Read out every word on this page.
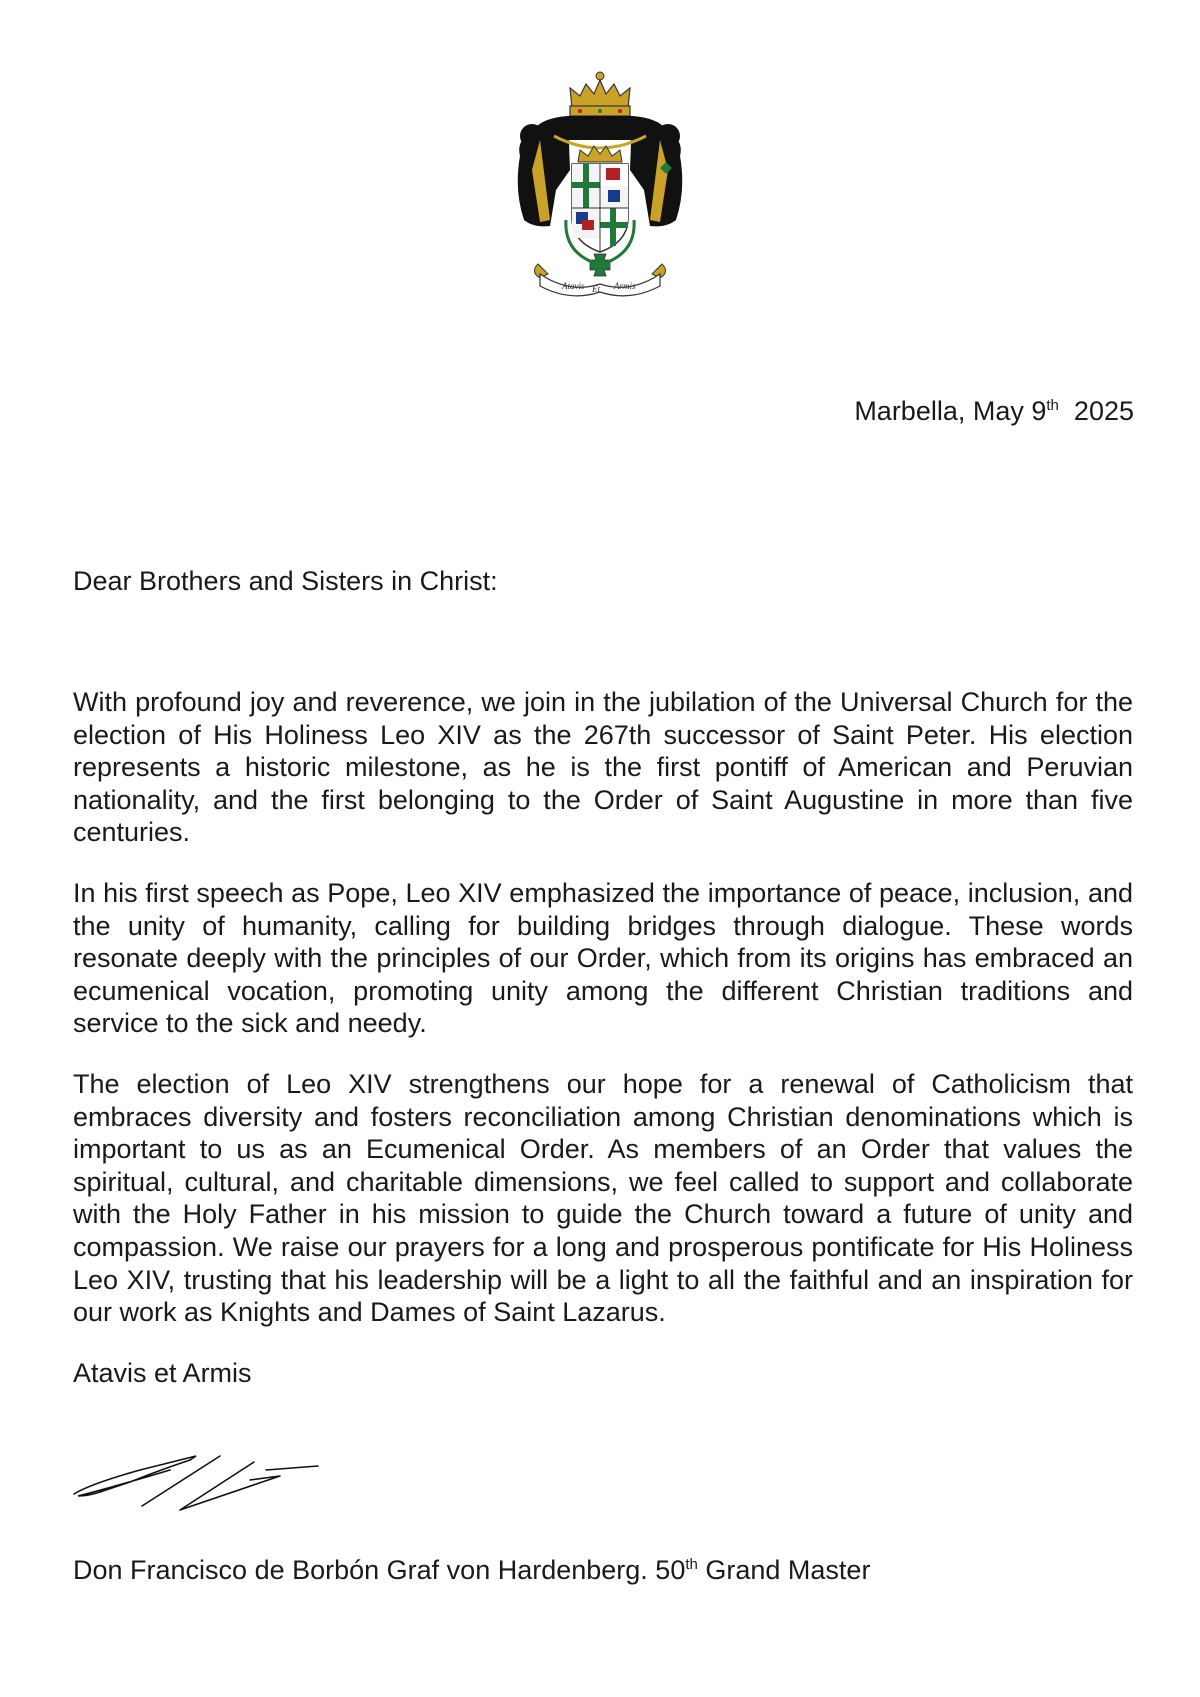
Atavis Et Armis
Marbella, May 9th 2025
Dear Brothers and Sisters in Christ:

With profound joy and reverence, we join in the jubilation of the Universal Church for the election of His Holiness Leo XIV as the 267th successor of Saint Peter. His election represents a historic milestone, as he is the first pontiff of American and Peruvian nationality, and the first belonging to the Order of Saint Augustine in more than five centuries.

In his first speech as Pope, Leo XIV emphasized the importance of peace, inclusion, and the unity of humanity, calling for building bridges through dialogue. These words resonate deeply with the principles of our Order, which from its origins has embraced an ecumenical vocation, promoting unity among the different Christian traditions and service to the sick and needy.

The election of Leo XIV strengthens our hope for a renewal of Catholicism that embraces diversity and fosters reconciliation among Christian denominations which is important to us as an Ecumenical Order. As members of an Order that values the spiritual, cultural, and charitable dimensions, we feel called to support and collaborate with the Holy Father in his mission to guide the Church toward a future of unity and compassion. We raise our prayers for a long and prosperous pontificate for His Holiness Leo XIV, trusting that his leadership will be a light to all the faithful and an inspiration for our work as Knights and Dames of Saint Lazarus.

Atavis et Armis
Don Francisco de Borbón Graf von Hardenberg. 50th Grand Master
